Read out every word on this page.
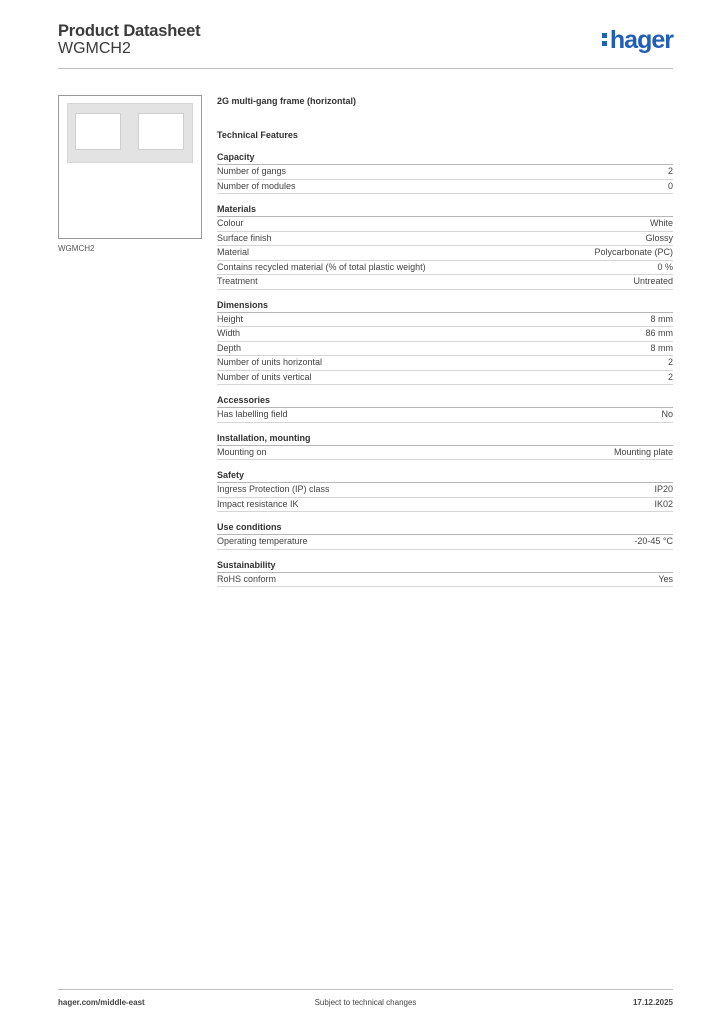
Product Datasheet
WGMCH2	hager
WGMCH2
2G multi-gang frame (horizontal)
Technical Features
Capacity
Number of gangs	2
Number of modules	0
Materials
Colour	White
Surface finish	Glossy
Material	Polycarbonate (PC)
Contains recycled material (% of total plastic weight)	0 %
Treatment	Untreated
Dimensions
Height	8 mm
Width	86 mm
Depth	8 mm
Number of units horizontal	2
Number of units vertical	2
Accessories
Has labelling field	No
Installation, mounting
Mounting on	Mounting plate
Safety
Ingress Protection (IP) class	IP20
Impact resistance IK	IK02
Use conditions
Operating temperature	-20-45 °C
Sustainability
RoHS conform	Yes
hager.com/middle-east	Subject to technical changes	17.12.2025
